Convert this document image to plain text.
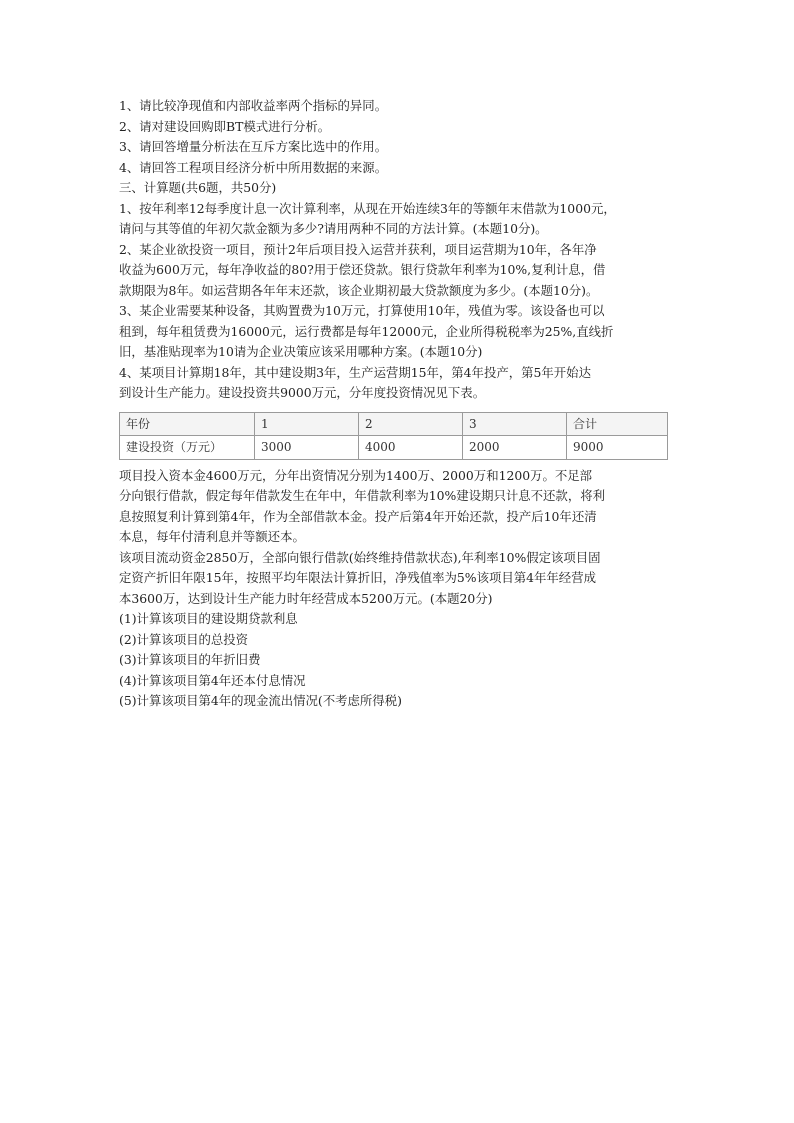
1、请比较净现值和内部收益率两个指标的异同。
2、请对建设回购即BT模式进行分析。
3、请回答增量分析法在互斥方案比选中的作用。
4、请回答工程项目经济分析中所用数据的来源。
三、计算题(共6题，共50分)
1、按年利率12每季度计息一次计算利率，从现在开始连续3年的等额年末借款为1000元，
请问与其等值的年初欠款金额为多少?请用两种不同的方法计算。(本题10分)。
2、某企业欲投资一项目，预计2年后项目投入运营并获利，项目运营期为10年，各年净
收益为600万元，每年净收益的80?用于偿还贷款。银行贷款年利率为10%,复利计息，借
款期限为8年。如运营期各年年末还款，该企业期初最大贷款额度为多少。(本题10分)。
3、某企业需要某种设备，其购置费为10万元，打算使用10年，残值为零。该设备也可以
租到，每年租赁费为16000元，运行费都是每年12000元，企业所得税税率为25%,直线折
旧，基准贴现率为10请为企业决策应该采用哪种方案。(本题10分)
4、某项目计算期18年，其中建设期3年，生产运营期15年，第4年投产，第5年开始达
到设计生产能力。建设投资共9000万元，分年度投资情况见下表。
年份	1	2	3	合计
建设投资（万元）	3000	4000	2000	9000
项目投入资本金4600万元，分年出资情况分别为1400万、2000万和1200万。不足部
分向银行借款，假定每年借款发生在年中，年借款利率为10%建设期只计息不还款，将利
息按照复利计算到第4年，作为全部借款本金。投产后第4年开始还款，投产后10年还清
本息，每年付清利息并等额还本。
该项目流动资金2850万，全部向银行借款(始终维持借款状态),年利率10%假定该项目固
定资产折旧年限15年，按照平均年限法计算折旧，净残值率为5%该项目第4年年经营成
本3600万，达到设计生产能力时年经营成本5200万元。(本题20分)
(1)计算该项目的建设期贷款利息
(2)计算该项目的总投资
(3)计算该项目的年折旧费
(4)计算该项目第4年还本付息情况
(5)计算该项目第4年的现金流出情况(不考虑所得税)
